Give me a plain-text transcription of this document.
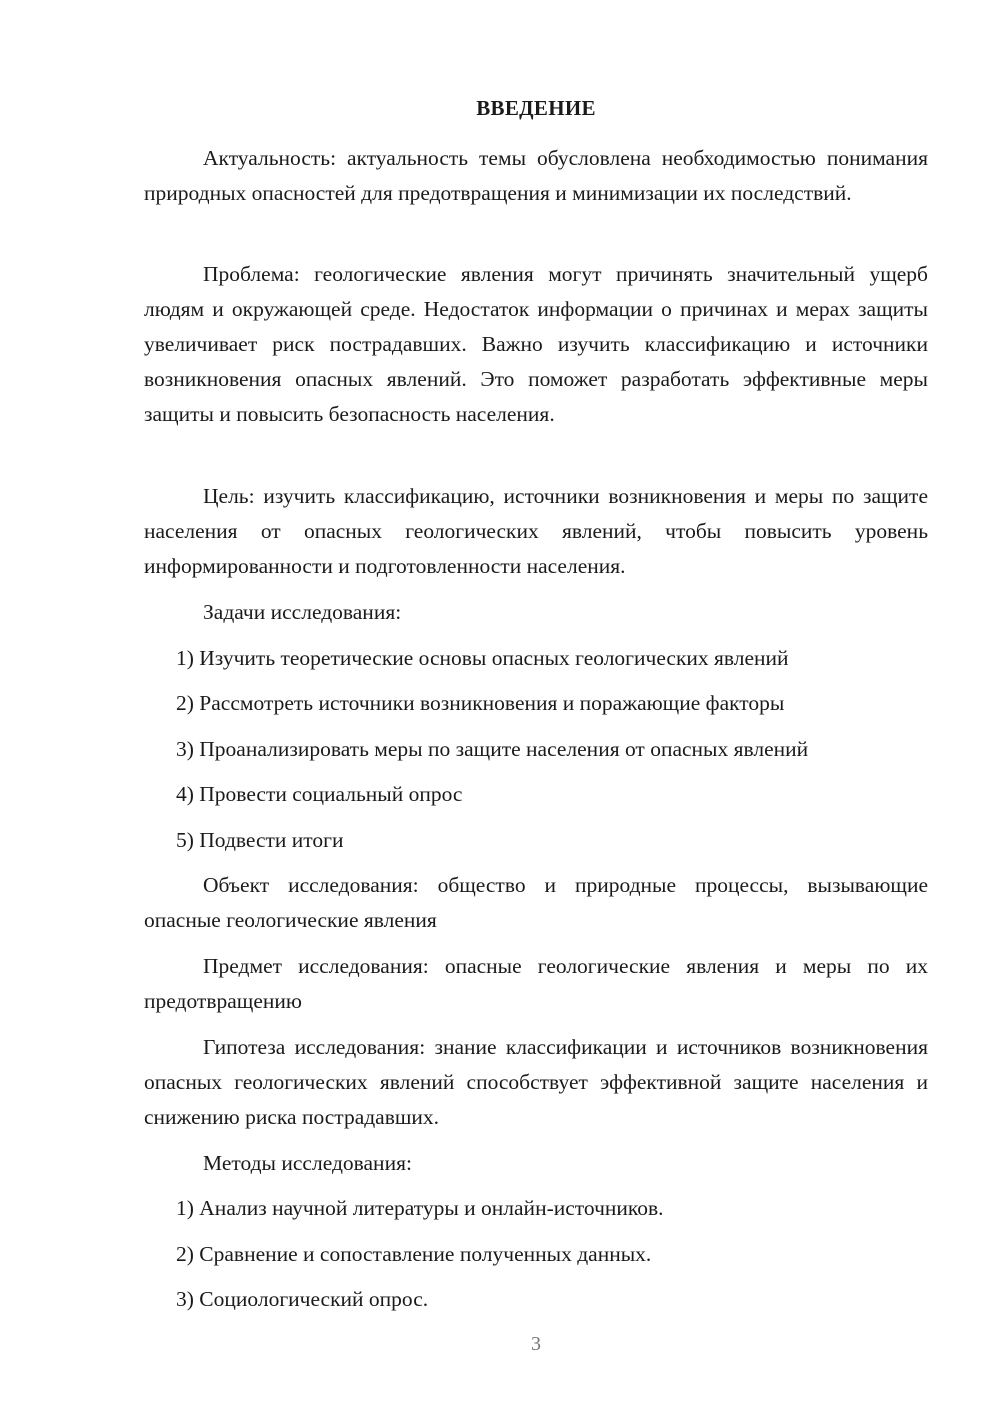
ВВЕДЕНИЕ
Актуальность: актуальность темы обусловлена необходимостью понимания природных опасностей для предотвращения и минимизации их последствий.
Проблема: геологические явления могут причинять значительный ущерб людям и окружающей среде. Недостаток информации о причинах и мерах защиты увеличивает риск пострадавших. Важно изучить классификацию и источники возникновения опасных явлений. Это поможет разработать эффективные меры защиты и повысить безопасность населения.
Цель: изучить классификацию, источники возникновения и меры по защите населения от опасных геологических явлений, чтобы повысить уровень информированности и подготовленности населения.
Задачи исследования:
1) Изучить теоретические основы опасных геологических явлений
2) Рассмотреть источники возникновения и поражающие факторы
3) Проанализировать меры по защите населения от опасных явлений
4) Провести социальный опрос
5) Подвести итоги
Объект исследования: общество и природные процессы, вызывающие опасные геологические явления
Предмет исследования: опасные геологические явления и меры по их предотвращению
Гипотеза исследования: знание классификации и источников возникновения опасных геологических явлений способствует эффективной защите населения и снижению риска пострадавших.
Методы исследования:
1) Анализ научной литературы и онлайн-источников.
2) Сравнение и сопоставление полученных данных.
3) Социологический опрос.
3
